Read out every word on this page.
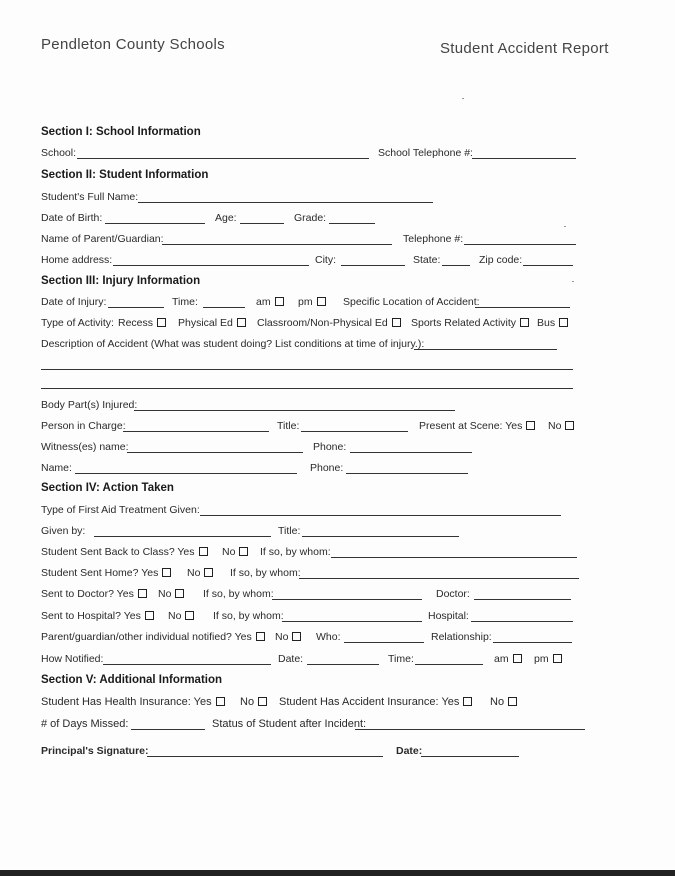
Pendleton County Schools	Student Accident Report
Section I: School Information
School:	School Telephone #:
Section II: Student Information
Student's Full Name:
Date of Birth:	Age:	Grade:
Name of Parent/Guardian:	Telephone #:
Home address:	City:	State:	Zip code:
Section III: Injury Information
Date of Injury:	Time:	am	pm	Specific Location of Accident:
Type of Activity: Recess	Physical Ed	Classroom/Non-Physical Ed	Sports Related Activity	Bus
Description of Accident (What was student doing? List conditions at time of injury.):
Body Part(s) Injured:
Person in Charge:	Title:	Present at Scene: Yes	No
Witness(es) name:	Phone:
Name:	Phone:
Section IV: Action Taken
Type of First Aid Treatment Given:
Given by:	Title:
Student Sent Back to Class? Yes	No	If so, by whom:
Student Sent Home? Yes	No	If so, by whom:
Sent to Doctor? Yes	No	If so, by whom:	Doctor:
Sent to Hospital? Yes	No	If so, by whom:	Hospital:
Parent/guardian/other individual notified? Yes	No	Who:	Relationship:
How Notified:	Date:	Time:	am	pm
Section V: Additional Information
Student Has Health Insurance: Yes	No	Student Has Accident Insurance: Yes	No
# of Days Missed:	Status of Student after Incident:
Principal's Signature:	Date:
